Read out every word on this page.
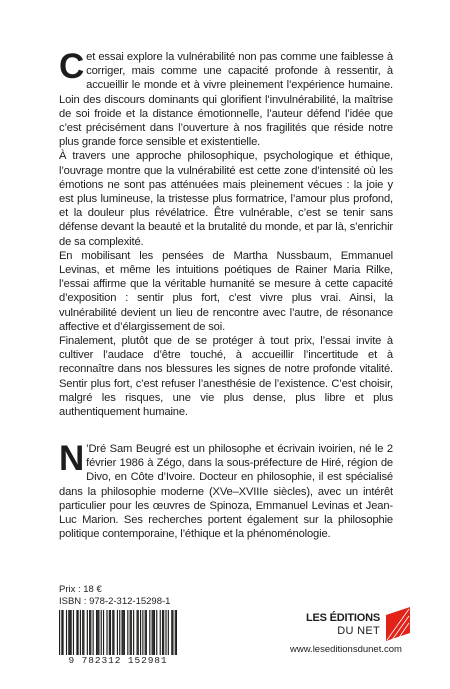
C et essai explore la vulnérabilité non pas comme une faiblesse à corriger, mais comme une capacité profonde à ressentir, à accueillir le monde et à vivre pleinement l’expérience humaine. Loin des discours dominants qui glorifient l’invulnérabilité, la maîtrise de soi froide et la distance émotionnelle, l’auteur défend l’idée que c’est précisément dans l’ouverture à nos fragilités que réside notre plus grande force sensible et existentielle.

À travers une approche philosophique, psychologique et éthique, l’ouvrage montre que la vulnérabilité est cette zone d’intensité où les émotions ne sont pas atténuées mais pleinement vécues : la joie y est plus lumineuse, la tristesse plus formatrice, l’amour plus profond, et la douleur plus révélatrice. Être vulnérable, c’est se tenir sans défense devant la beauté et la brutalité du monde, et par là, s’enrichir de sa complexité.

En mobilisant les pensées de Martha Nussbaum, Emmanuel Levinas, et même les intuitions poétiques de Rainer Maria Rilke, l’essai affirme que la véritable humanité se mesure à cette capacité d’exposition : sentir plus fort, c’est vivre plus vrai. Ainsi, la vulnérabilité devient un lieu de rencontre avec l’autre, de résonance affective et d’élargissement de soi.

Finalement, plutôt que de se protéger à tout prix, l’essai invite à cultiver l’audace d’être touché, à accueillir l’incertitude et à reconnaître dans nos blessures les signes de notre profonde vitalité. Sentir plus fort, c’est refuser l’anesthésie de l’existence. C’est choisir, malgré les risques, une vie plus dense, plus libre et plus authentiquement humaine.

N ’Dré Sam Beugré est un philosophe et écrivain ivoirien, né le 2 février 1986 à Zégo, dans la sous-préfecture de Hiré, région de Divo, en Côte d’Ivoire. Docteur en philosophie, il est spécialisé dans la philosophie moderne (XVe–XVIIIe siècles), avec un intérêt particulier pour les œuvres de Spinoza, Emmanuel Levinas et Jean-Luc Marion. Ses recherches portent également sur la philosophie politique contemporaine, l’éthique et la phénoménologie.

Prix : 18 €
ISBN : 978-2-312-15298-1
9 782312 152981
LES ÉDITIONS
DU NET
www.leseditionsdunet.com
